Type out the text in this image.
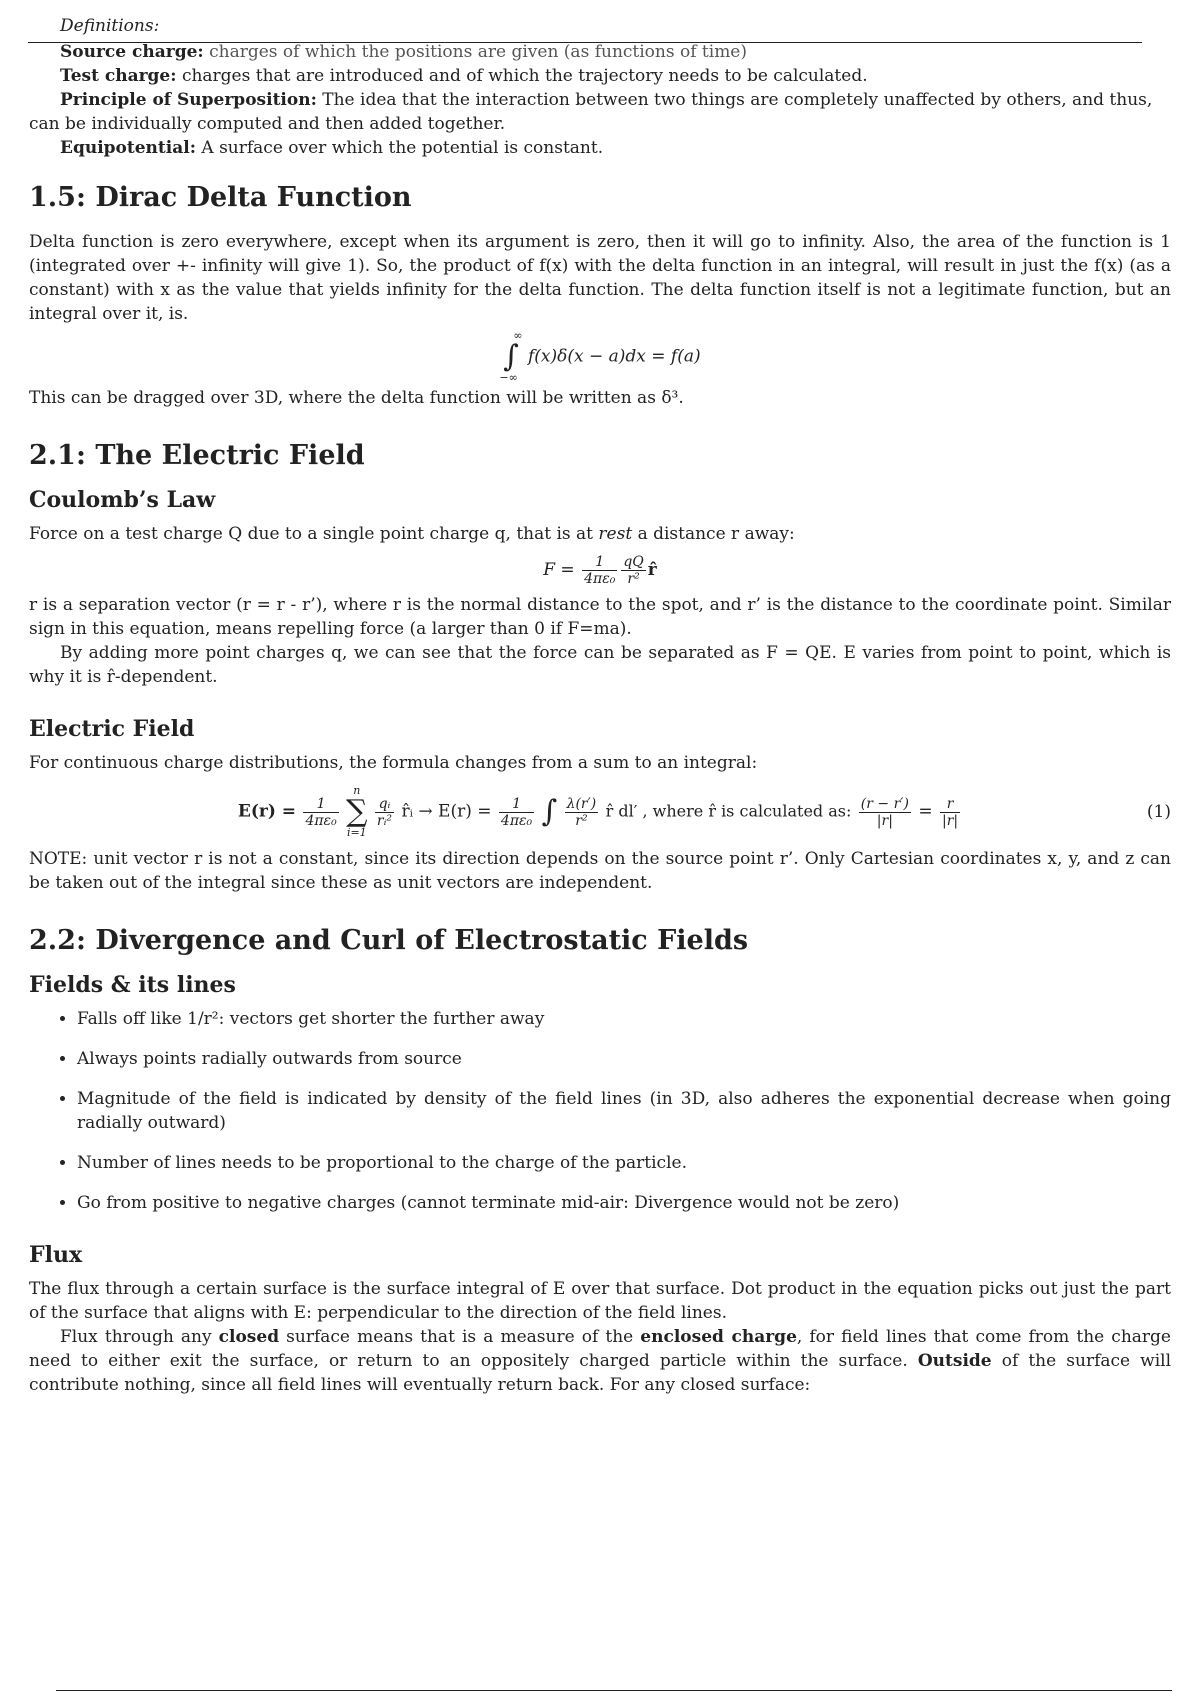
Definitions:

Source charge: charges of which the positions are given (as functions of time)

Test charge: charges that are introduced and of which the trajectory needs to be calculated.

Principle of Superposition: The idea that the interaction between two things are completely unaffected by others, and thus,

can be individually computed and then added together.

Equipotential: A surface over which the potential is constant.

1.5: Dirac Delta Function

Delta function is zero everywhere, except when its argument is zero, then it will go to infinity. Also, the area of the function is 1 (integrated over +- infinity will give 1). So, the product of f(x) with the delta function in an integral, will result in just the f(x) (as a constant) with x as the value that yields infinity for the delta function. The delta function itself is not a legitimate function, but an integral over it, is.

∞
∫
−∞
f(x)δ(x − a)dx = f(a)

This can be dragged over 3D, where the delta function will be written as δ³.

2.1: The Electric Field
Coulomb’s Law

Force on a test charge Q due to a single point charge q, that is at rest a distance r away:

$F = \frac{1}{\text{4πε₀}} \frac{qQ}{\text{r²}}$ r̂

r is a separation vector (r = r - r’), where r is the normal distance to the spot, and r’ is the distance to the coordinate point. Similar sign in this equation, means repelling force (a larger than 0 if F=ma).

By adding more point charges q, we can see that the force can be separated as F = QE. E varies from point to point, which is why it is r̂-dependent.

Electric Field

For continuous charge distributions, the formula changes from a sum to an integral:

$E(r) = \frac{1}{\text{4πε₀}}$

n
∑
i=1

$\frac{\text{qᵢ}}{\text{rᵢ²}}$ r̂ᵢ → $E(r) = \frac{1}{\text{4πε₀}}$ ∫ $\frac{\lambda(r')}{\text{r²}}$ r̂ dl′ , where r̂ is calculated as: $\frac{(r - r')}{|r|} = \frac{r}{|r|}$	(1)

NOTE: unit vector r is not a constant, since its direction depends on the source point r’. Only Cartesian coordinates x, y, and z can be taken out of the integral since these as unit vectors are independent.

2.2: Divergence and Curl of Electrostatic Fields
Fields & its lines
• Falls off like 1/r²: vectors get shorter the further away
• Always points radially outwards from source
• Magnitude of the field is indicated by density of the field lines (in 3D, also adheres the exponential decrease when going radially outward)
• Number of lines needs to be proportional to the charge of the particle.
• Go from positive to negative charges (cannot terminate mid-air: Divergence would not be zero)
Flux

The flux through a certain surface is the surface integral of E over that surface. Dot product in the equation picks out just the part of the surface that aligns with E: perpendicular to the direction of the field lines.

Flux through any closed surface means that is a measure of the enclosed charge, for field lines that come from the charge need to either exit the surface, or return to an oppositely charged particle within the surface. Outside of the surface will contribute nothing, since all field lines will eventually return back. For any closed surface:
